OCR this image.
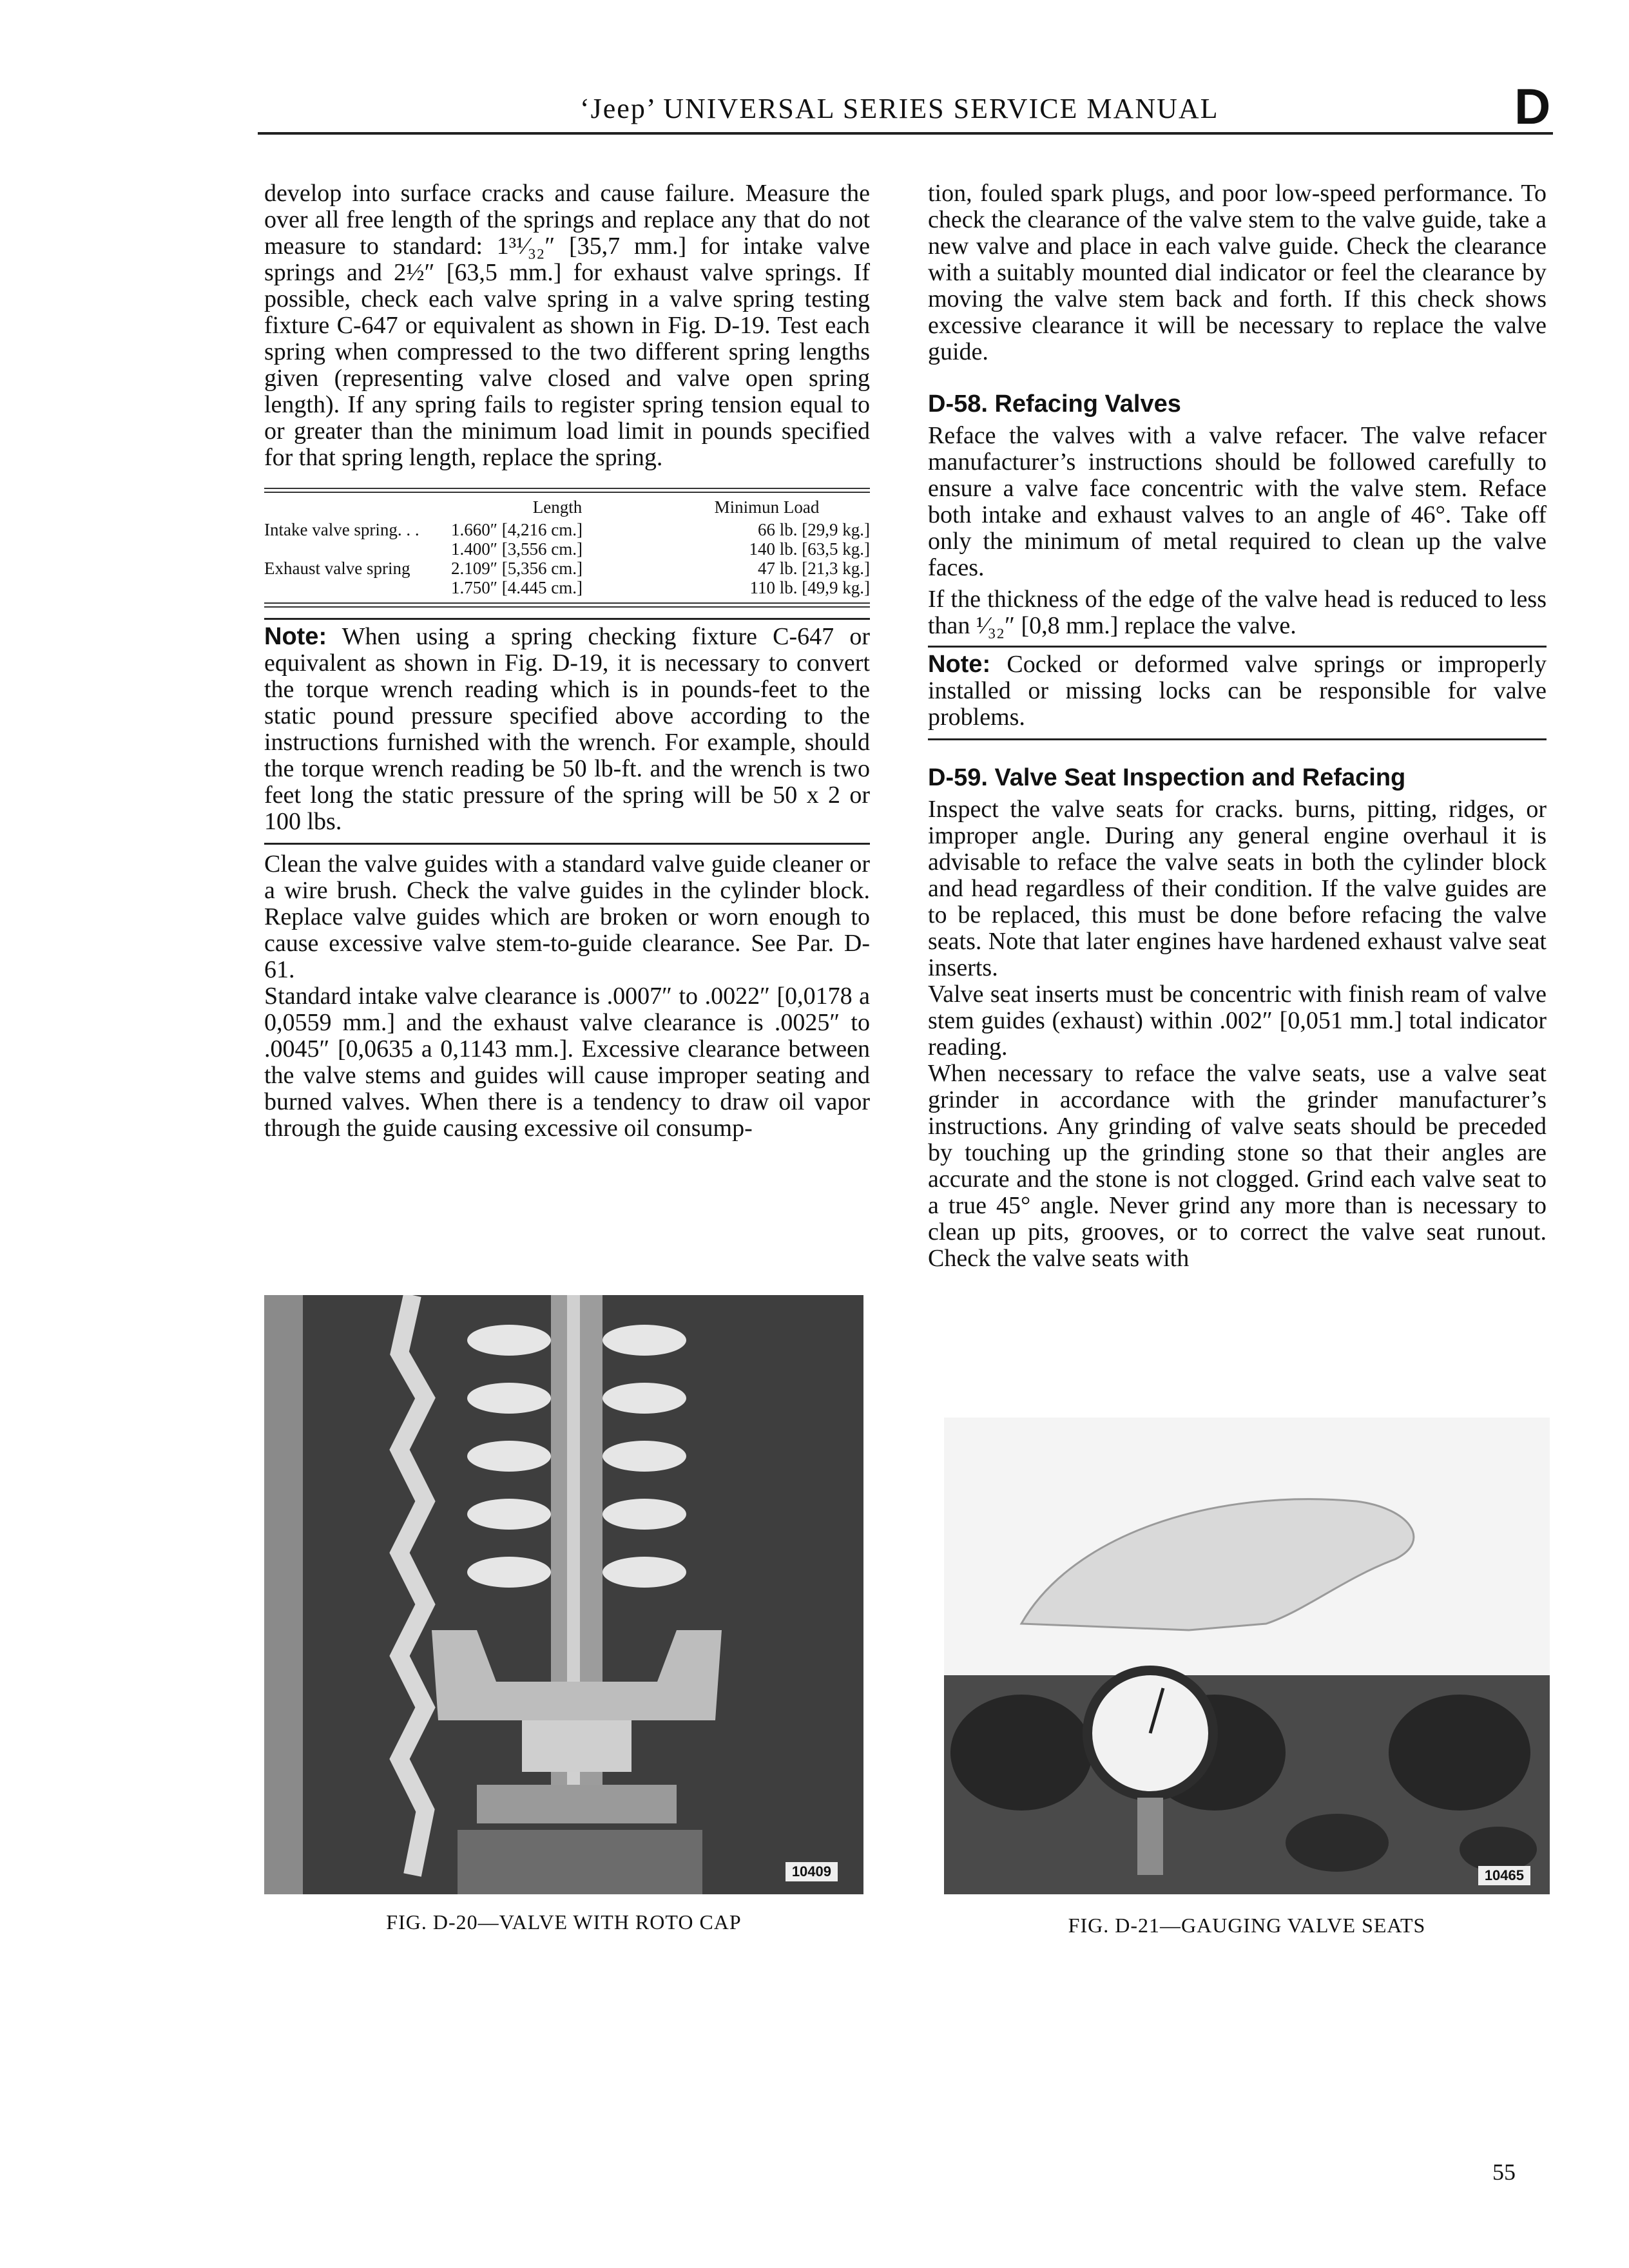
‘Jeep’ UNIVERSAL SERIES SERVICE MANUAL	D

develop into surface cracks and cause failure. Measure the over all free length of the springs and replace any that do not measure to standard: 1³¹⁄₃₂″ [35,7 mm.] for intake valve springs and 2½″ [63,5 mm.] for exhaust valve springs. If possible, check each valve spring in a valve spring testing fixture C-647 or equivalent as shown in Fig. D-19. Test each spring when compressed to the two different spring lengths given (representing valve closed and valve open spring length). If any spring fails to register spring tension equal to or greater than the minimum load limit in pounds specified for that spring length, replace the spring.

	Length	Minimun Load
Intake valve spring. . .	1.660″ [4,216 cm.]	66 lb. [29,9 kg.]
	1.400″ [3,556 cm.]	140 lb. [63,5 kg.]
Exhaust valve spring	2.109″ [5,356 cm.]	47 lb. [21,3 kg.]
	1.750″ [4.445 cm.]	110 lb. [49,9 kg.]

Note: When using a spring checking fixture C-647 or equivalent as shown in Fig. D-19, it is necessary to convert the torque wrench reading which is in pounds-feet to the static pound pressure specified above according to the instructions furnished with the wrench. For example, should the torque wrench reading be 50 lb-ft. and the wrench is two feet long the static pressure of the spring will be 50 x 2 or 100 lbs.

Clean the valve guides with a standard valve guide cleaner or a wire brush. Check the valve guides in the cylinder block. Replace valve guides which are broken or worn enough to cause excessive valve stem-to-guide clearance. See Par. D-61.

Standard intake valve clearance is .0007″ to .0022″ [0,0178 a 0,0559 mm.] and the exhaust valve clearance is .0025″ to .0045″ [0,0635 a 0,1143 mm.]. Excessive clearance between the valve stems and guides will cause improper seating and burned valves. When there is a tendency to draw oil vapor through the guide causing excessive oil consump-

tion, fouled spark plugs, and poor low-speed performance. To check the clearance of the valve stem to the valve guide, take a new valve and place in each valve guide. Check the clearance with a suitably mounted dial indicator or feel the clearance by moving the valve stem back and forth. If this check shows excessive clearance it will be necessary to replace the valve guide.

D-58. Refacing Valves

Reface the valves with a valve refacer. The valve refacer manufacturer’s instructions should be followed carefully to ensure a valve face concentric with the valve stem. Reface both intake and exhaust valves to an angle of 46°. Take off only the minimum of metal required to clean up the valve faces.

If the thickness of the edge of the valve head is reduced to less than ¹⁄₃₂″ [0,8 mm.] replace the valve.

Note: Cocked or deformed valve springs or improperly installed or missing locks can be responsible for valve problems.

D-59. Valve Seat Inspection and Refacing

Inspect the valve seats for cracks. burns, pitting, ridges, or improper angle. During any general engine overhaul it is advisable to reface the valve seats in both the cylinder block and head regardless of their condition. If the valve guides are to be replaced, this must be done before refacing the valve seats. Note that later engines have hardened exhaust valve seat inserts.

Valve seat inserts must be concentric with finish ream of valve stem guides (exhaust) within .002″ [0,051 mm.] total indicator reading.

When necessary to reface the valve seats, use a valve seat grinder in accordance with the grinder manufacturer’s instructions. Any grinding of valve seats should be preceded by touching up the grinding stone so that their angles are accurate and the stone is not clogged. Grind each valve seat to a true 45° angle. Never grind any more than is necessary to clean up pits, grooves, or to correct the valve seat runout. Check the valve seats with

10409
FIG. D-20—VALVE WITH ROTO CAP
10465
FIG. D-21—GAUGING VALVE SEATS
55
